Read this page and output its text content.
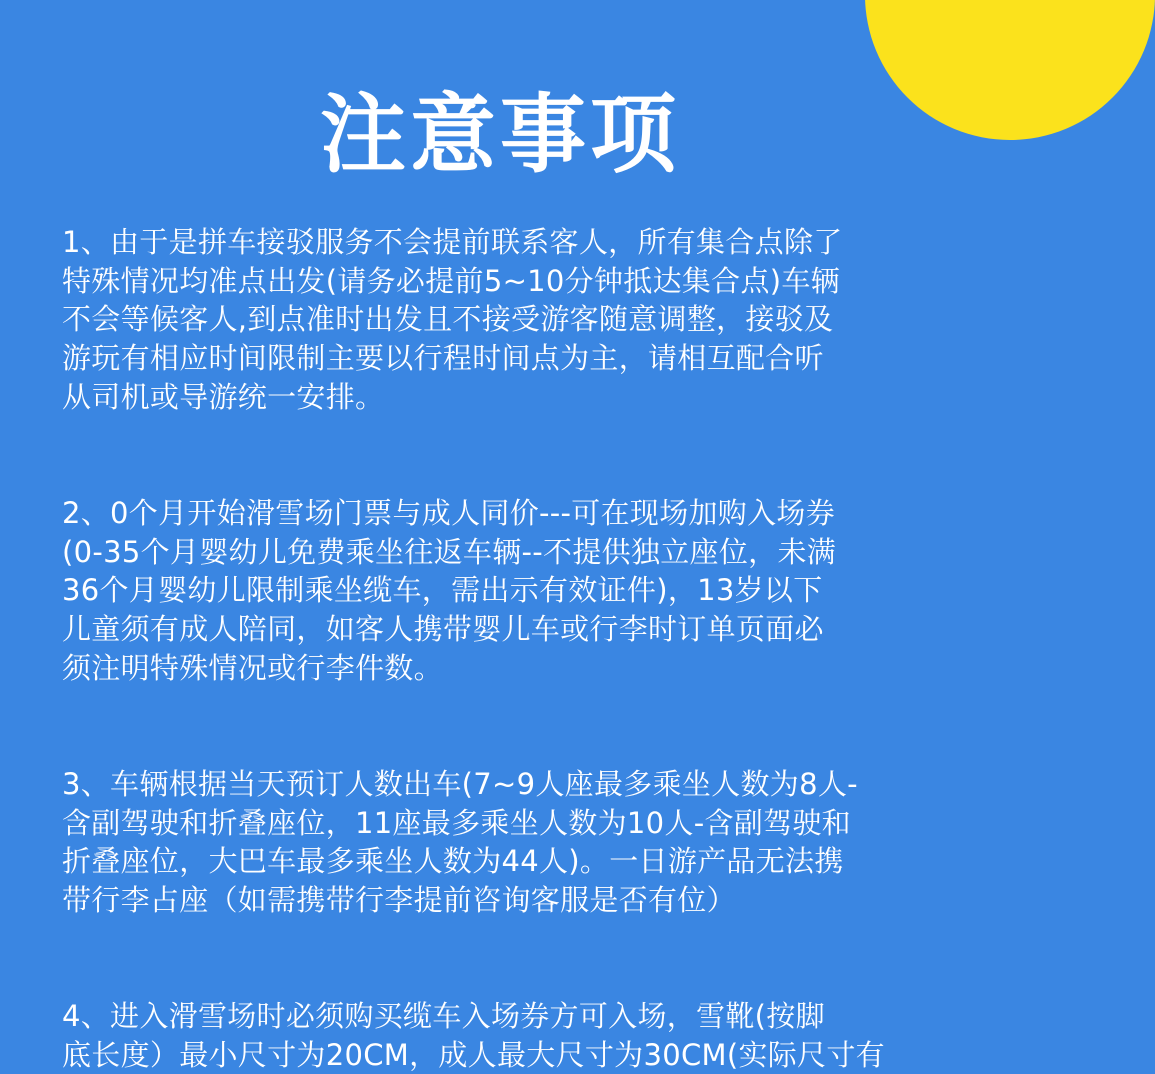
注意事项
1、由于是拼车接驳服务不会提前联系客人，所有集合点除了
特殊情况均准点出发(请务必提前5~10分钟抵达集合点)车辆
不会等候客人,到点准时出发且不接受游客随意调整，接驳及
游玩有相应时间限制主要以行程时间点为主，请相互配合听
从司机或导游统一安排。
2、0个月开始滑雪场门票与成人同价---可在现场加购入场券
(0-35个月婴幼儿免费乘坐往返车辆--不提供独立座位，未满
36个月婴幼儿限制乘坐缆车，需出示有效证件)，13岁以下
儿童须有成人陪同，如客人携带婴儿车或行李时订单页面必
须注明特殊情况或行李件数。
3、车辆根据当天预订人数出车(7~9人座最多乘坐人数为8人-
含副驾驶和折叠座位，11座最多乘坐人数为10人-含副驾驶和
折叠座位，大巴车最多乘坐人数为44人)。一日游产品无法携
带行李占座（如需携带行李提前咨询客服是否有位）
4、进入滑雪场时必须购买缆车入场券方可入场，雪靴(按脚
底长度）最小尺寸为20CM，成人最大尺寸为30CM(实际尺寸有
